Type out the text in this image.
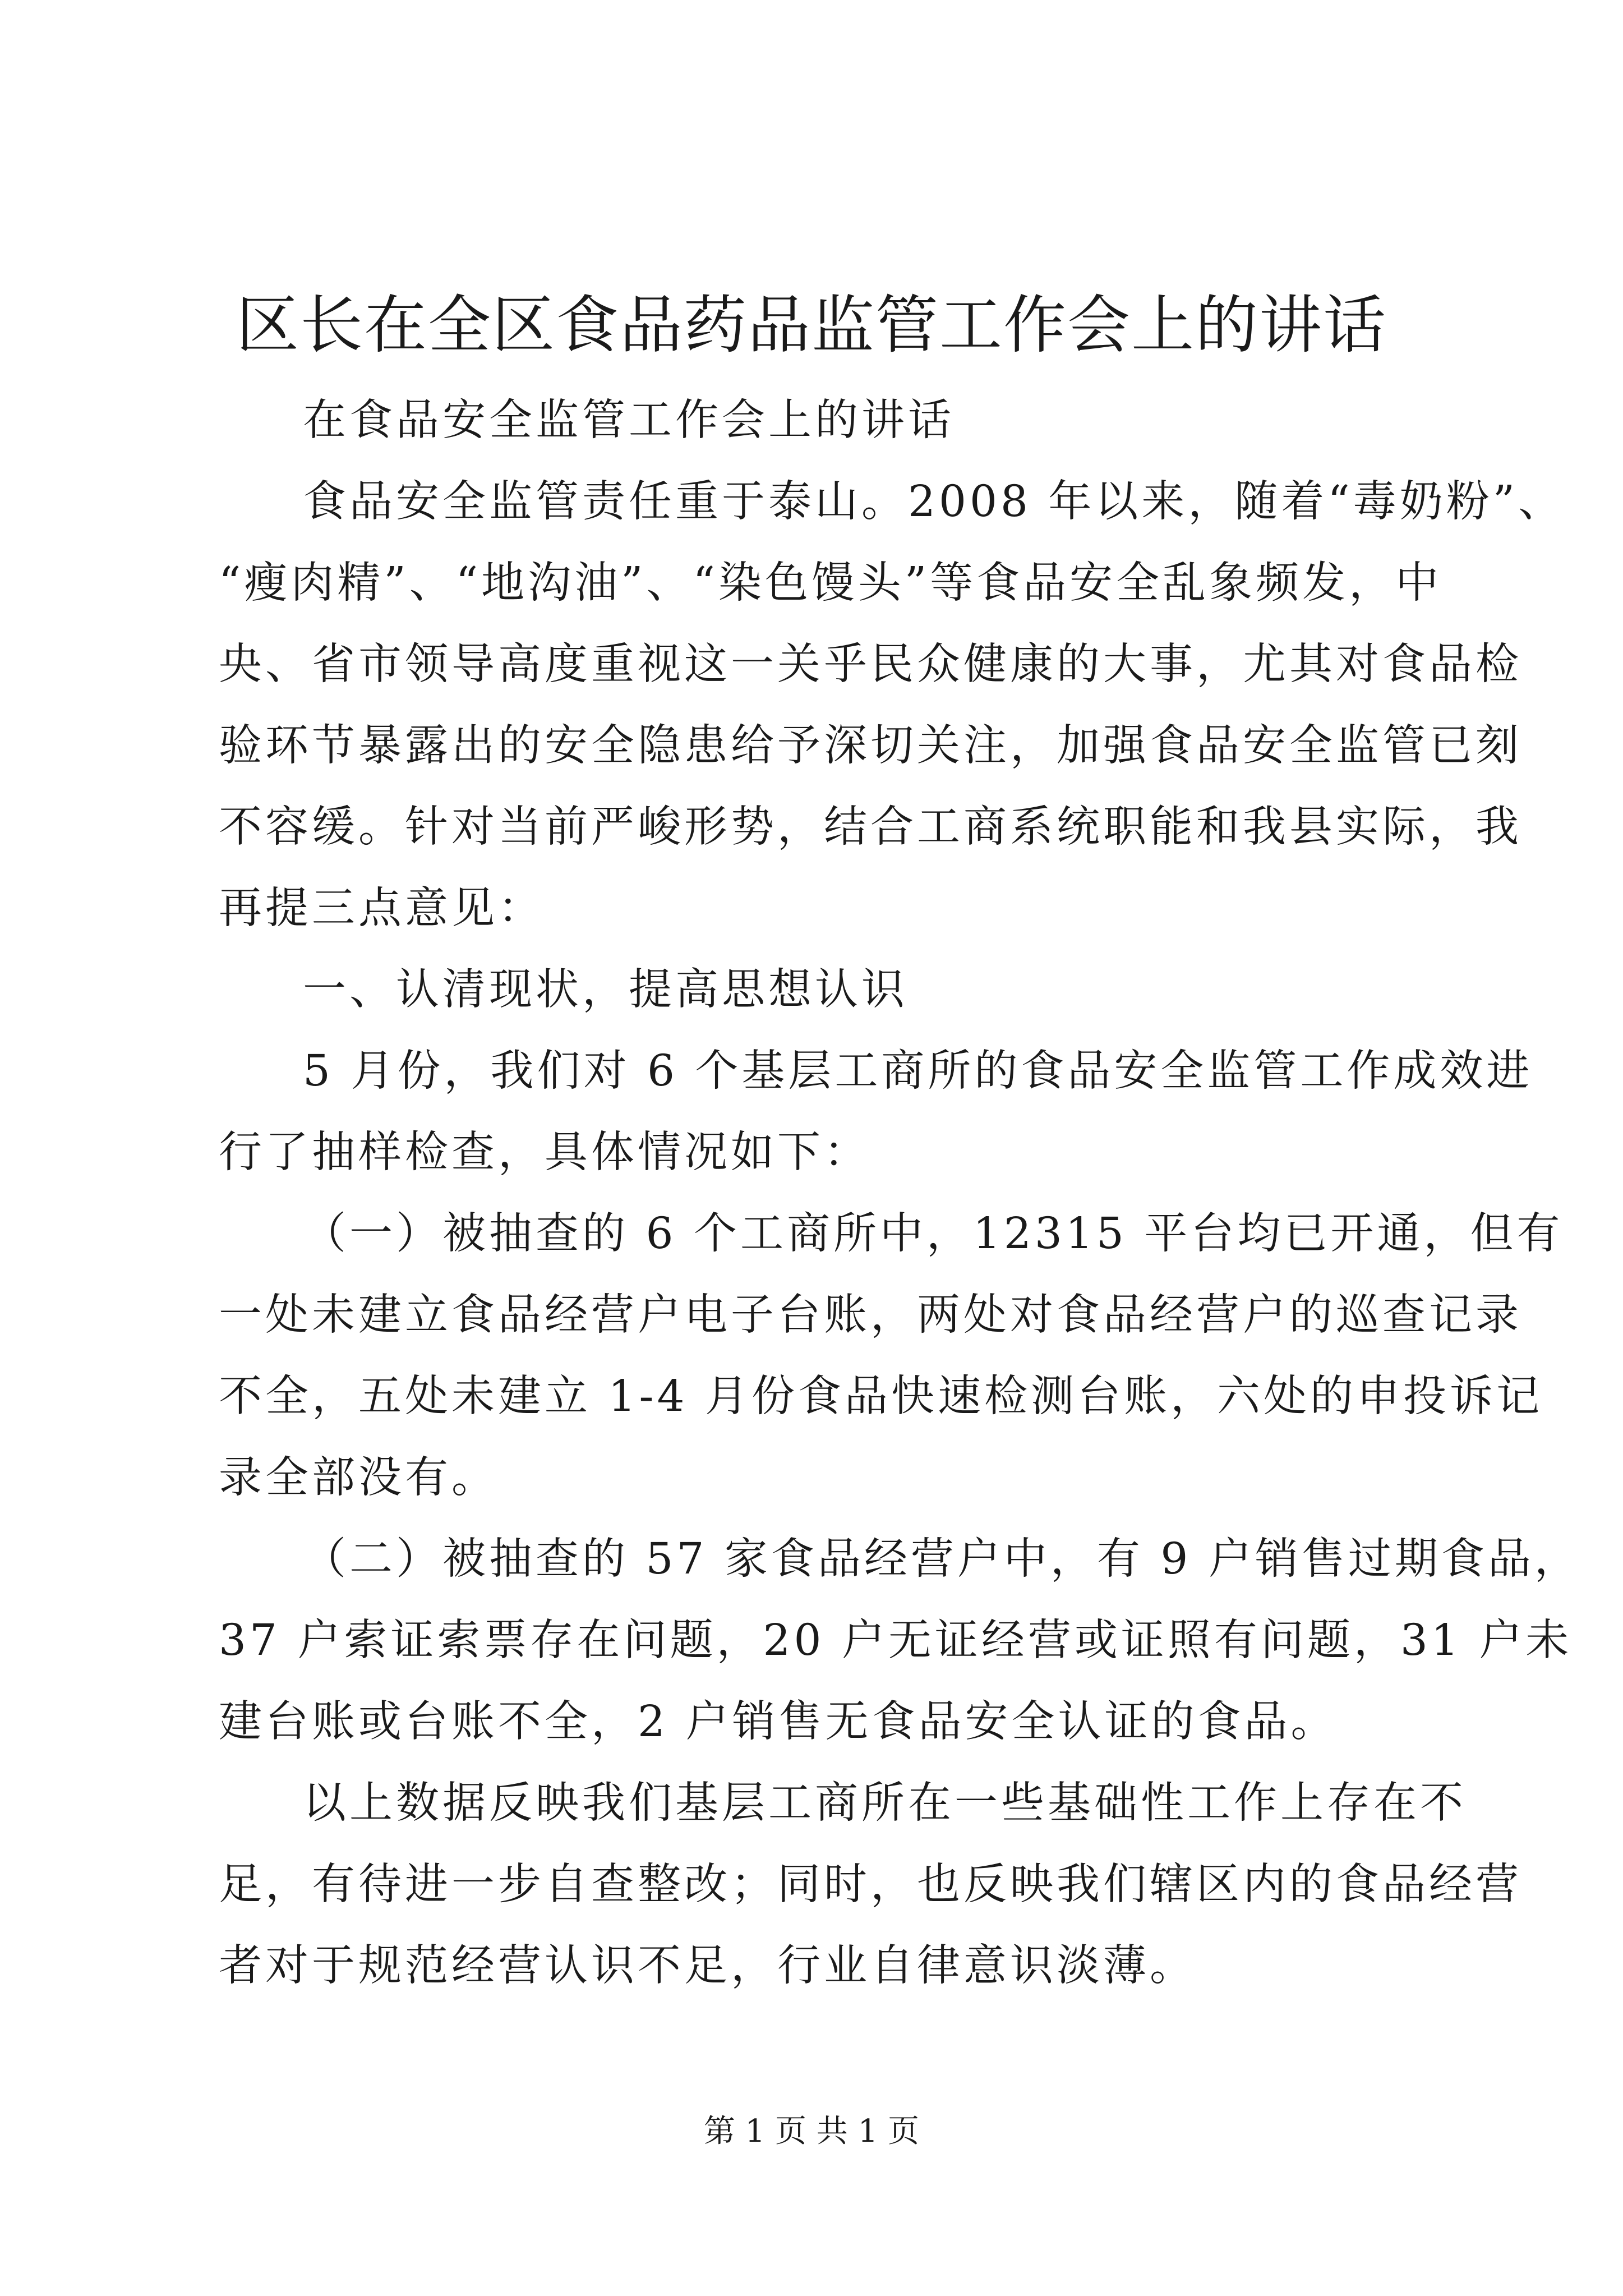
区长在全区食品药品监管工作会上的讲话
在食品安全监管工作会上的讲话
食品安全监管责任重于泰山。2008 年以来，随着“毒奶粉”、
“瘦肉精”、“地沟油”、“染色馒头”等食品安全乱象频发，中
央、省市领导高度重视这一关乎民众健康的大事，尤其对食品检
验环节暴露出的安全隐患给予深切关注，加强食品安全监管已刻
不容缓。针对当前严峻形势，结合工商系统职能和我县实际，我
再提三点意见：
一、认清现状，提高思想认识
5 月份，我们对 6 个基层工商所的食品安全监管工作成效进
行了抽样检查，具体情况如下：
（一）被抽查的 6 个工商所中，12315 平台均已开通，但有
一处未建立食品经营户电子台账，两处对食品经营户的巡查记录
不全，五处未建立 1-4 月份食品快速检测台账，六处的申投诉记
录全部没有。
（二）被抽查的 57 家食品经营户中，有 9 户销售过期食品，
37 户索证索票存在问题，20 户无证经营或证照有问题，31 户未
建台账或台账不全，2 户销售无食品安全认证的食品。
以上数据反映我们基层工商所在一些基础性工作上存在不
足，有待进一步自查整改；同时，也反映我们辖区内的食品经营
者对于规范经营认识不足，行业自律意识淡薄。
第 1 页 共 1 页
